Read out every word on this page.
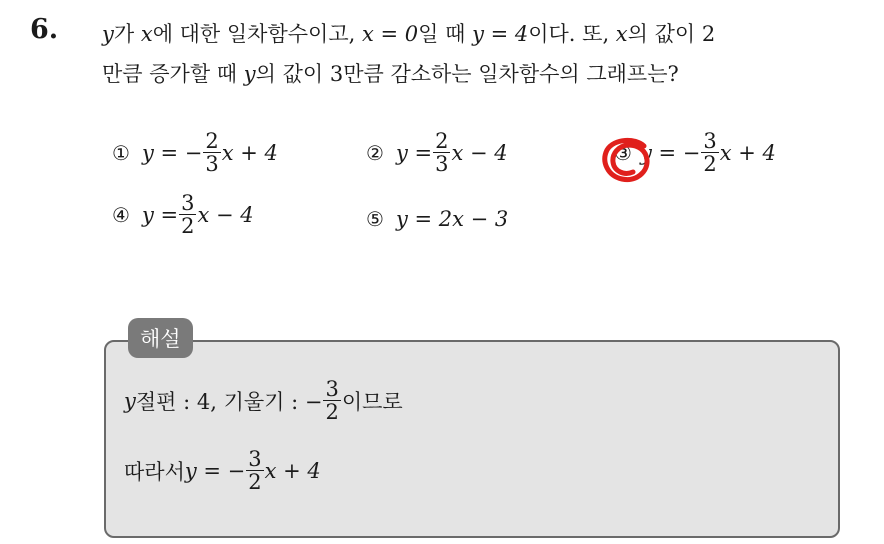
6. y가 x에 대한 일차함수이고, x = 0일 때 y = 4이다. 또, x의 값이 2
만큼 증가할 때 y의 값이 3만큼 감소하는 일차함수의 그래프는?
① y = − $\frac{2}{3}$ x + 4	② $y = \frac{2}{3}$ x − 4	③ y = − $\frac{3}{2}$ x + 4
④ $y = \frac{3}{2}$ x − 4	⑤ y = 2x − 3
해설
y 절편 : 4, 기울기 : − $\frac{3}{2}$ 이므로
따라서 y = − $\frac{3}{2}$ x + 4
